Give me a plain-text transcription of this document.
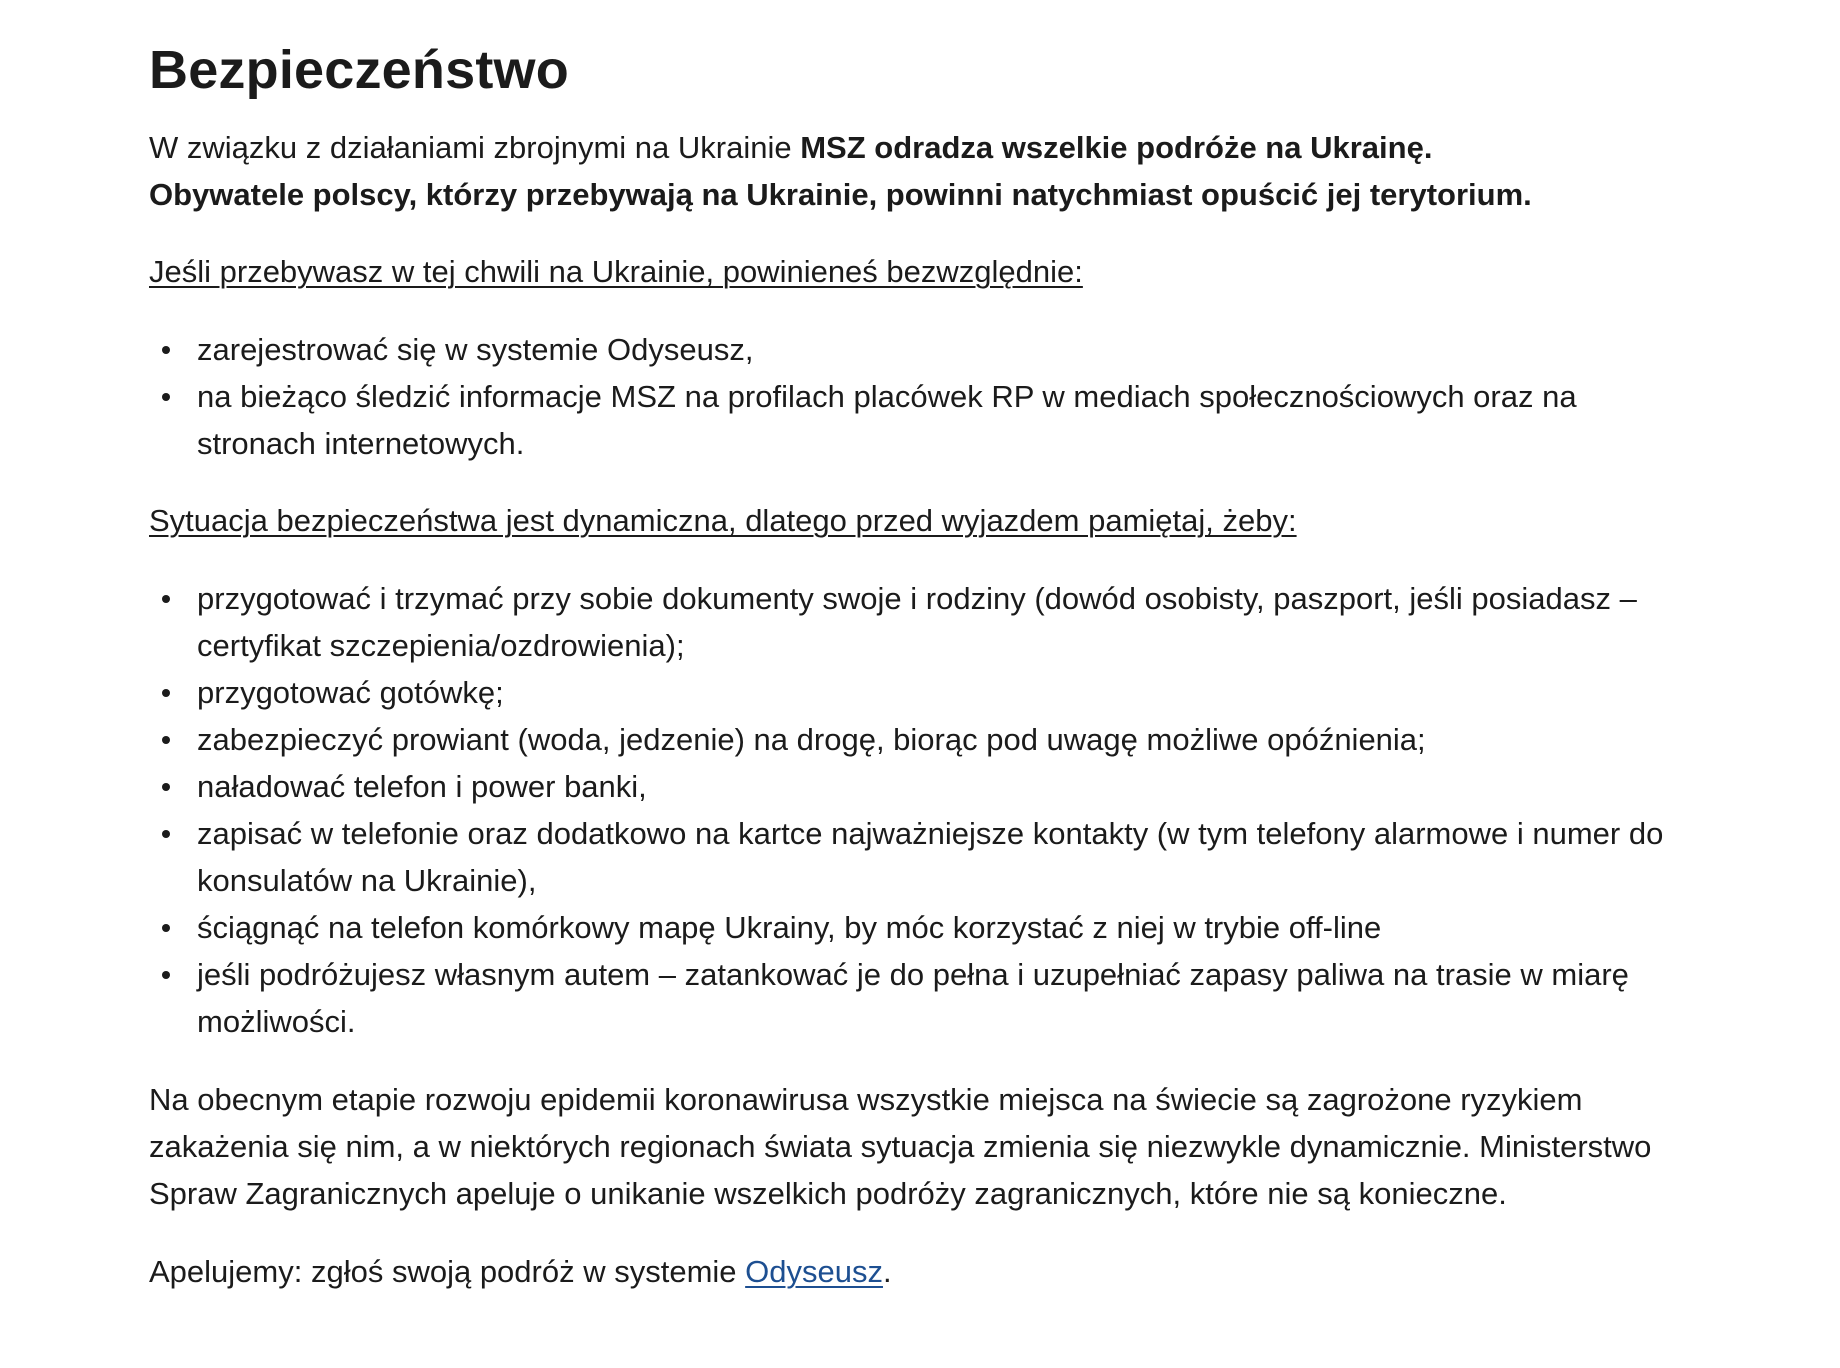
Bezpieczeństwo

W związku z działaniami zbrojnymi na Ukrainie MSZ odradza wszelkie podróże na Ukrainę.
Obywatele polscy, którzy przebywają na Ukrainie, powinni natychmiast opuścić jej terytorium.

Jeśli przebywasz w tej chwili na Ukrainie, powinieneś bezwzględnie:

zarejestrować się w systemie Odyseusz,
na bieżąco śledzić informacje MSZ na profilach placówek RP w mediach społecznościowych oraz na stronach internetowych.

Sytuacja bezpieczeństwa jest dynamiczna, dlatego przed wyjazdem pamiętaj, żeby:

przygotować i trzymać przy sobie dokumenty swoje i rodziny (dowód osobisty, paszport, jeśli posiadasz – certyfikat szczepienia/ozdrowienia);
przygotować gotówkę;
zabezpieczyć prowiant (woda, jedzenie) na drogę, biorąc pod uwagę możliwe opóźnienia;
naładować telefon i power banki,
zapisać w telefonie oraz dodatkowo na kartce najważniejsze kontakty (w tym telefony alarmowe i numer do konsulatów na Ukrainie),
ściągnąć na telefon komórkowy mapę Ukrainy, by móc korzystać z niej w trybie off-line
jeśli podróżujesz własnym autem – zatankować je do pełna i uzupełniać zapasy paliwa na trasie w miarę możliwości.

Na obecnym etapie rozwoju epidemii koronawirusa wszystkie miejsca na świecie są zagrożone ryzykiem zakażenia się nim, a w niektórych regionach świata sytuacja zmienia się niezwykle dynamicznie. Ministerstwo Spraw Zagranicznych apeluje o unikanie wszelkich podróży zagranicznych, które nie są konieczne.

Apelujemy: zgłoś swoją podróż w systemie Odyseusz.
